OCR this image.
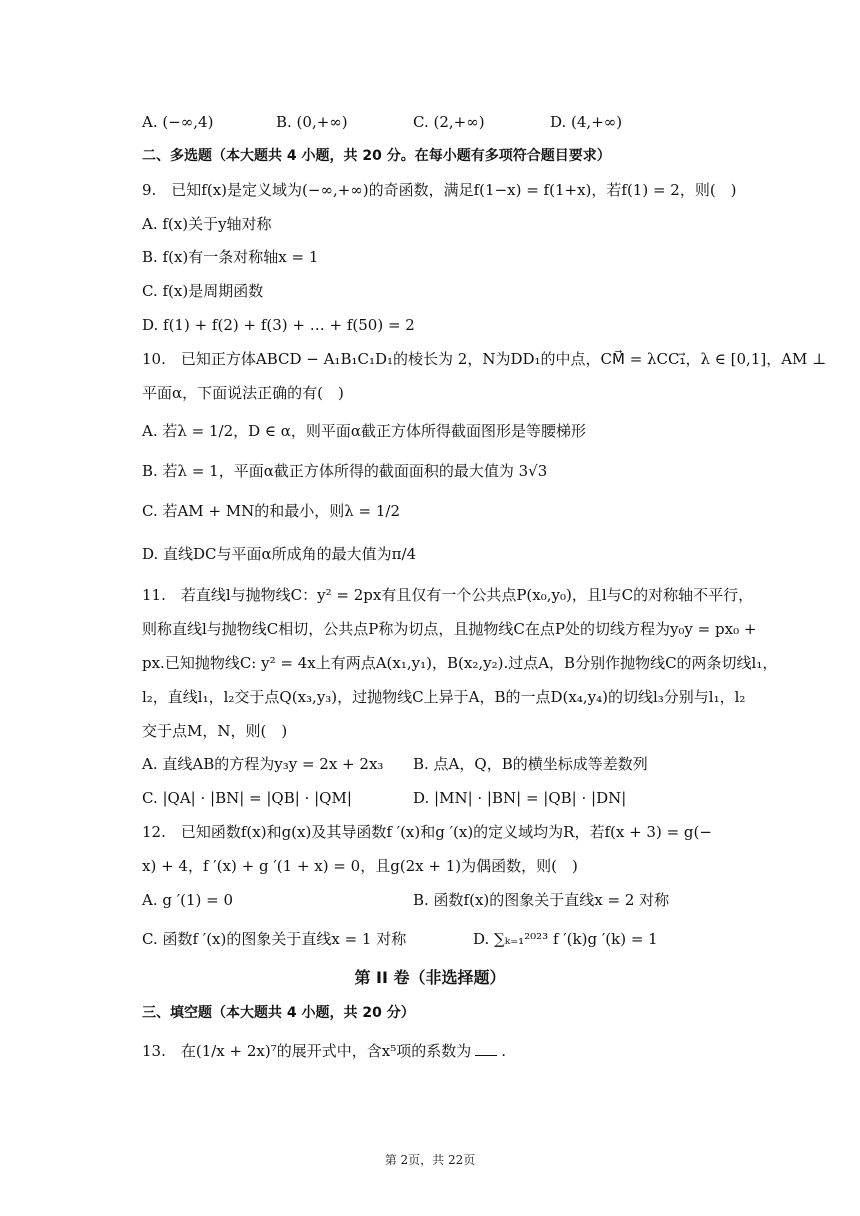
A. (−∞,4)	B. (0,+∞)	C. (2,+∞)	D. (4,+∞)
二、多选题（本大题共 4 小题，共 20 分。在每小题有多项符合题目要求）
9.　已知f(x)是定义域为(−∞,+∞)的奇函数，满足f(1−x) = f(1+x)，若f(1) = 2，则(　)
A. f(x)关于y轴对称
B. f(x)有一条对称轴x = 1
C. f(x)是周期函数
D. f(1) + f(2) + f(3) + … + f(50) = 2
10.　已知正方体ABCD − A₁B₁C₁D₁的棱长为 2，N为DD₁的中点，CM⃗ = λCC₁⃗，λ ∈ [0,1]，AM ⊥
平面α，下面说法正确的有(　)
A. 若λ = 1/2，D ∈ α，则平面α截正方体所得截面图形是等腰梯形
B. 若λ = 1，平面α截正方体所得的截面面积的最大值为 3√3
C. 若AM + MN的和最小，则λ = 1/2
D. 直线DC与平面α所成角的最大值为π/4
11.　若直线l与抛物线C：y² = 2px有且仅有一个公共点P(x₀,y₀)，且l与C的对称轴不平行，
则称直线l与抛物线C相切，公共点P称为切点，且抛物线C在点P处的切线方程为y₀y = px₀ +
px.已知抛物线C: y² = 4x上有两点A(x₁,y₁)，B(x₂,y₂).过点A，B分别作抛物线C的两条切线l₁，
l₂，直线l₁，l₂交于点Q(x₃,y₃)，过抛物线C上异于A，B的一点D(x₄,y₄)的切线l₃分别与l₁，l₂
交于点M，N，则(　)
A. 直线AB的方程为y₃y = 2x + 2x₃ B. 点A，Q，B的横坐标成等差数列
C. |QA| · |BN| = |QB| · |QM|	D. |MN| · |BN| = |QB| · |DN|
12.　已知函数f(x)和g(x)及其导函数f ′(x)和g ′(x)的定义域均为R，若f(x + 3) = g(−
x) + 4，f ′(x) + g ′(1 + x) = 0，且g(2x + 1)为偶函数，则(　)
A. g ′(1) = 0	B. 函数f(x)的图象关于直线x = 2 对称
C. 函数f ′(x)的图象关于直线x = 1 对称	D. ∑ₖ₌₁²⁰²³ f ′(k)g ′(k) = 1
第 II 卷（非选择题）
三、填空题（本大题共 4 小题，共 20 分）
13.　在(1/x + 2x)⁷的展开式中，含x⁵项的系数为 .
第 2页，共 22页
